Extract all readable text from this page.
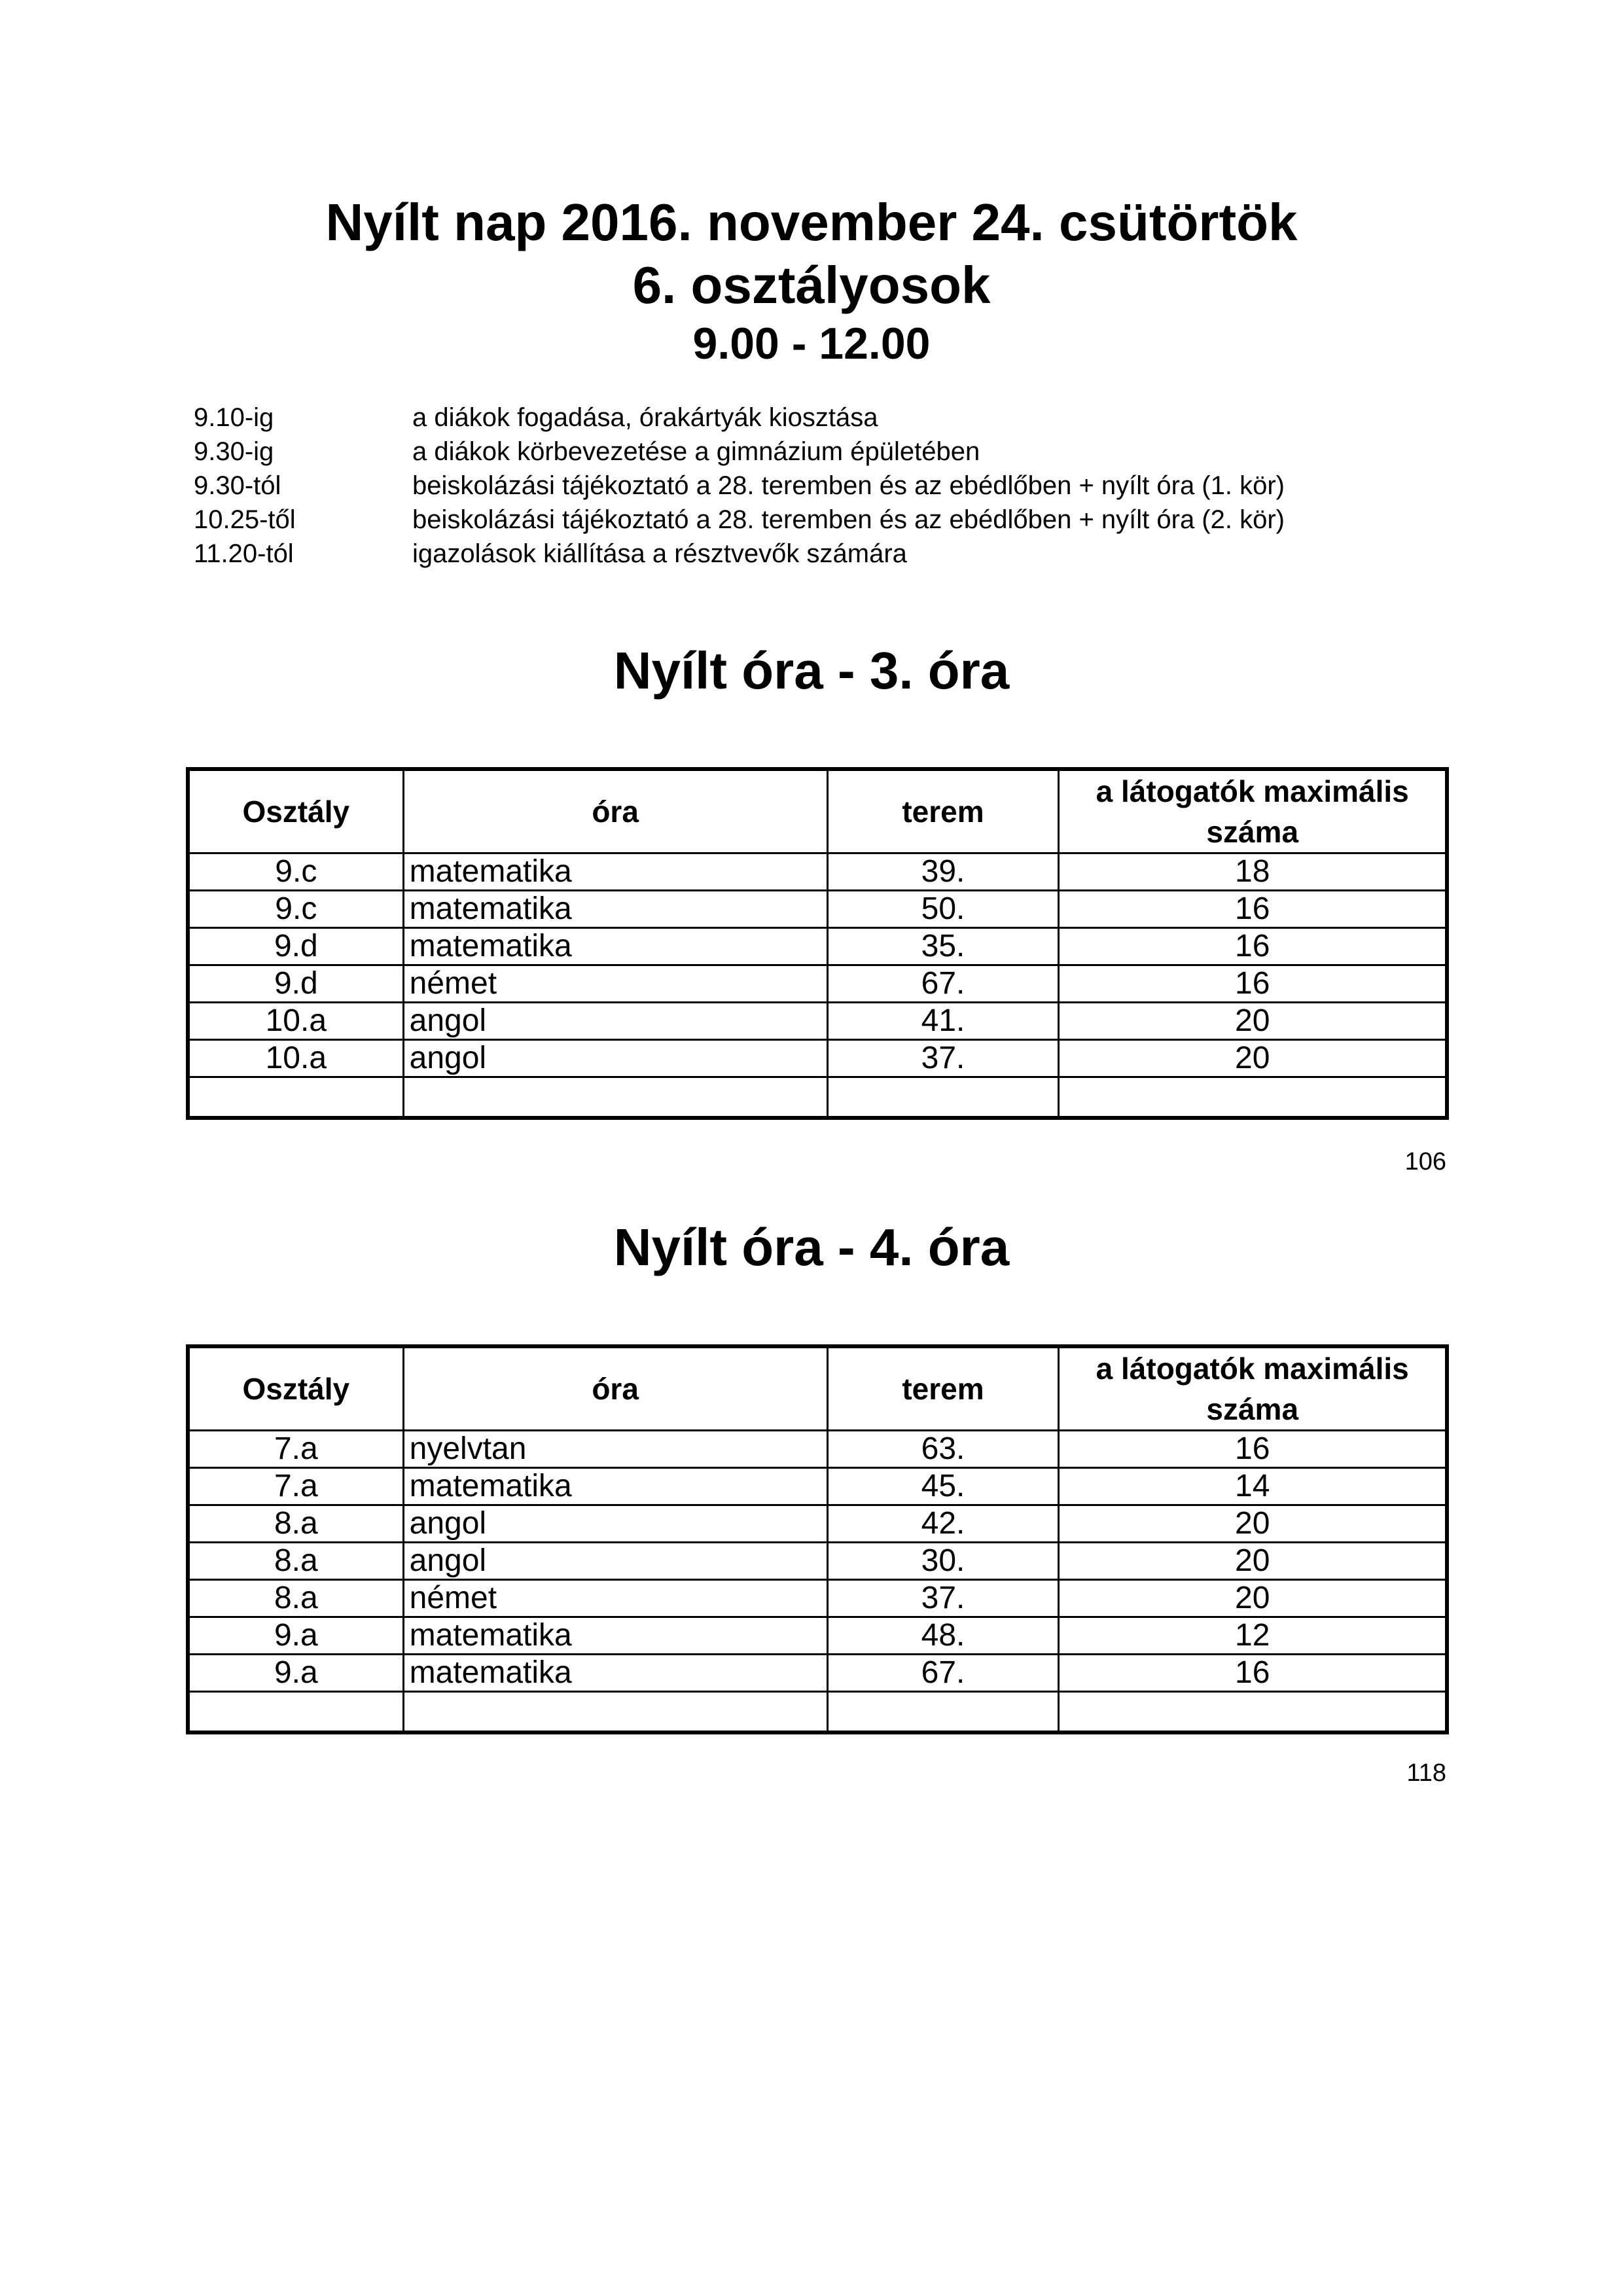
Nyílt nap 2016. november 24. csütörtök
6. osztályosok
9.00 - 12.00
9.10-ig	a diákok fogadása, órakártyák kiosztása
9.30-ig	a diákok körbevezetése a gimnázium épületében
9.30-tól	beiskolázási tájékoztató a 28. teremben és az ebédlőben + nyílt óra (1. kör)
10.25-től	beiskolázási tájékoztató a 28. teremben és az ebédlőben + nyílt óra (2. kör)
11.20-tól	igazolások kiállítása a résztvevők számára
Nyílt óra - 3. óra
Osztály	óra	terem	a látogatók maximális
száma
9.c	matematika	39.	18
9.c	matematika	50.	16
9.d	matematika	35.	16
9.d	német	67.	16
10.a	angol	41.	20
10.a	angol	37.	20

106
Nyílt óra - 4. óra
Osztály	óra	terem	a látogatók maximális
száma
7.a	nyelvtan	63.	16
7.a	matematika	45.	14
8.a	angol	42.	20
8.a	angol	30.	20
8.a	német	37.	20
9.a	matematika	48.	12
9.a	matematika	67.	16

118
